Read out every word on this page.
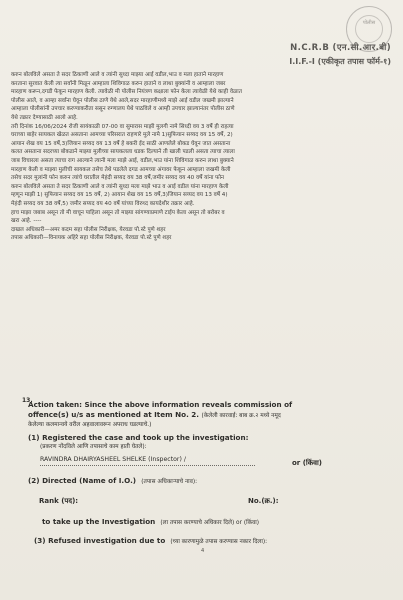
पोलीस
N.C.R.B (एन.सी.आर.बी)
I.I.F.-I (एकीकृत तपास फॉर्म-१)
करुन बोलविले असता ते सदर ठिकाणी आले व त्यांनी सुध्दा माझ्या आई वडील,भाउ व मला हाताने मारहाण
करताना सुरवात केली त्या सर्वांनी मिळून आम्हाला शिविगाळ करुन हाताने व लाथा बुक्यांनी व आम्हाला जबर
मारहाण करून,दगडी फेकून मारहाण केली. त्यावेळी मी पोलीस नियंत्रण कक्षाला फोन केला त्यावेळी येथे काही वेळात
पोलीस आले, व आम्हा सर्वांना घेवून पोलीस ठाणे येथे आले,सदर मारहाणीमध्ये माझे आई वडील जखमी झाल्याने
आम्हाला पोलीसांनी उपचार करण्याकरीता ससून रुग्णालय येथे पाठविले व आम्ही उपचार झाल्यानंतर पोलीस ठाणे
येथे तक्रार देण्यासाठी आलो आहे.
तरी दिनांक 16/06/2024 रोजी सायंकाळी 07-00 वा सुमारास माझी मुलगी नामे सिध्दी वय 3 वर्षे ही राहत्या
घराच्या बाहेर सायकल खेळत असताना आमच्या परिसरात राहणारे मुले नामे 1)सुफियान सय्यद वय 15 वर्षे, 2)
आयान शेख वय 15 वर्षे,3)जियान सय्यद वय 13 वर्षे हे बकरी ईद साठी आणलेले बोकड घेवून जात असताना
कलत असताना सदरच्या बोकडाने माझ्या मुलीच्या सायकलला धडक दिल्याने ती खाली पडली असता त्याचा त्याला
जाब विचारला असता त्याचा राग आल्याने त्यानी मला माझे आई, वडील,भाउ यांना शिविगाळ करुन लाथा बुक्याने
मारहाण केली व माझ्या मुलीची सायकल तसेच तेथे पडलेले दगड आमच्या अंगावर फेकून आम्हाला जखमी केली
तसेच सदर मुलांनी फोन करुन त्यांचे घरातील मेहंदी सय्यद वय 38 वर्षे,जमीर सय्यद वय 40 वर्षे यांना फोन
करुन बोलविले असता ते सदर ठिकाणी आले व त्यांनी सुध्दा मला माझे भाउ व आई वडील यांना मारहाण केली
म्हणून माझी 1) सुफियान सय्यद वय 15 वर्षे, 2) आयान शेख वय 15 वर्षे,3)जियान सय्यद वय 13 वर्षे 4)
मेहंदी सय्यद वय 38 वर्षे,5) जमीर सय्यद वय 40 वर्षे यांच्या विरुध्द कायदेशीर तक्रार आहे.
हाच माझा जबाब असून तो मी वाचून पाहिला असून तो माझ्या सांगण्याप्रमाणे टाईप केला असून तो बरोबर व
खरा आहे. ----
दाखल अधिकारी—अमर कदम सहा पोलीस निरीक्षक, येरवडा पो.स्टे पुणे शहर
तपास अधिकारी—विनायक अहिरे सहा पोलीस निरीक्षक, येरवडा पो.स्टे पुणे शहर
13.
Action taken: Since the above information reveals commission of
offence(s) u/s as mentioned at Item No. 2. (केलेली कारवाई: बाब क्र.२ मध्ये नमूद
केलेल्या कलमान्वये वरील अहवालावरून अपराध घडल्याचे.)
(1) Registered the case and took up the investigation:
(प्रकरण नोंदविले आणि तपासाचे काम हाती घेतले):
RAVINDRA DHAIRYASHEEL SHELKE (Inspector) /	or (किंवा)
(2) Directed (Name of I.O.) (तपास अधिकाऱ्याचे नाव):
Rank (पद):	No.(क्र.):
to take up the Investigation (ला तपास करण्याचे अधिकार दिले) or (किंवा)
(3) Refused investigation due to (च्या कारणामुळे तपास करण्यास नकार दिला):
4
